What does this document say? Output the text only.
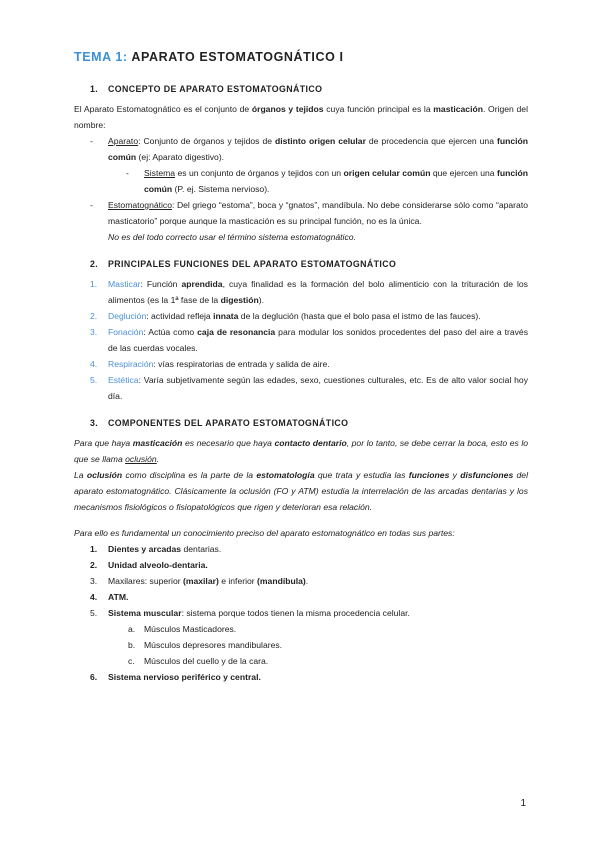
TEMA 1: APARATO ESTOMATOGNÁTICO I
1. CONCEPTO DE APARATO ESTOMATOGNÁTICO

El Aparato Estomatognático es el conjunto de órganos y tejidos cuya función principal es la masticación. Origen del nombre:

- Aparato: Conjunto de órganos y tejidos de distinto origen celular de procedencia que ejercen una función común (ej: Aparato digestivo).
- Sistema es un conjunto de órganos y tejidos con un origen celular común que ejercen una función común (P. ej. Sistema nervioso).
- Estomatognático: Del griego “estoma”, boca y “gnatos”, mandíbula. No debe considerarse sólo como “aparato masticatorio” porque aunque la masticación es su principal función, no es la única.
No es del todo correcto usar el término sistema estomatognático.
2. PRINCIPALES FUNCIONES DEL APARATO ESTOMATOGNÁTICO
1. Masticar: Función aprendida, cuya finalidad es la formación del bolo alimenticio con la trituración de los alimentos (es la 1ª fase de la digestión).
2. Deglución: actividad refleja innata de la deglución (hasta que el bolo pasa el istmo de las fauces).
3. Fonación: Actúa como caja de resonancia para modular los sonidos procedentes del paso del aire a través de las cuerdas vocales.
4. Respiración: vías respiratorias de entrada y salida de aire.
5. Estética: Varía subjetivamente según las edades, sexo, cuestiones culturales, etc. Es de alto valor social hoy día.
3. COMPONENTES DEL APARATO ESTOMATOGNÁTICO

Para que haya masticación es necesario que haya contacto dentario, por lo tanto, se debe cerrar la boca, esto es lo que se llama oclusión.

La oclusión como disciplina es la parte de la estomatología que trata y estudia las funciones y disfunciones del aparato estomatognático. Clásicamente la oclusión (FO y ATM) estudia la interrelación de las arcadas dentarias y los mecanismos fisiológicos o fisiopatológicos que rigen y deterioran esa relación.

Para ello es fundamental un conocimiento preciso del aparato estomatognático en todas sus partes:

1. Dientes y arcadas dentarias.
2. Unidad alveolo-dentaria.
3. Maxilares: superior (maxilar) e inferior (mandíbula).
4. ATM.
5. Sistema muscular: sistema porque todos tienen la misma procedencia celular.
a. Músculos Masticadores.
b. Músculos depresores mandibulares.
c. Músculos del cuello y de la cara.
6. Sistema nervioso periférico y central.
1
